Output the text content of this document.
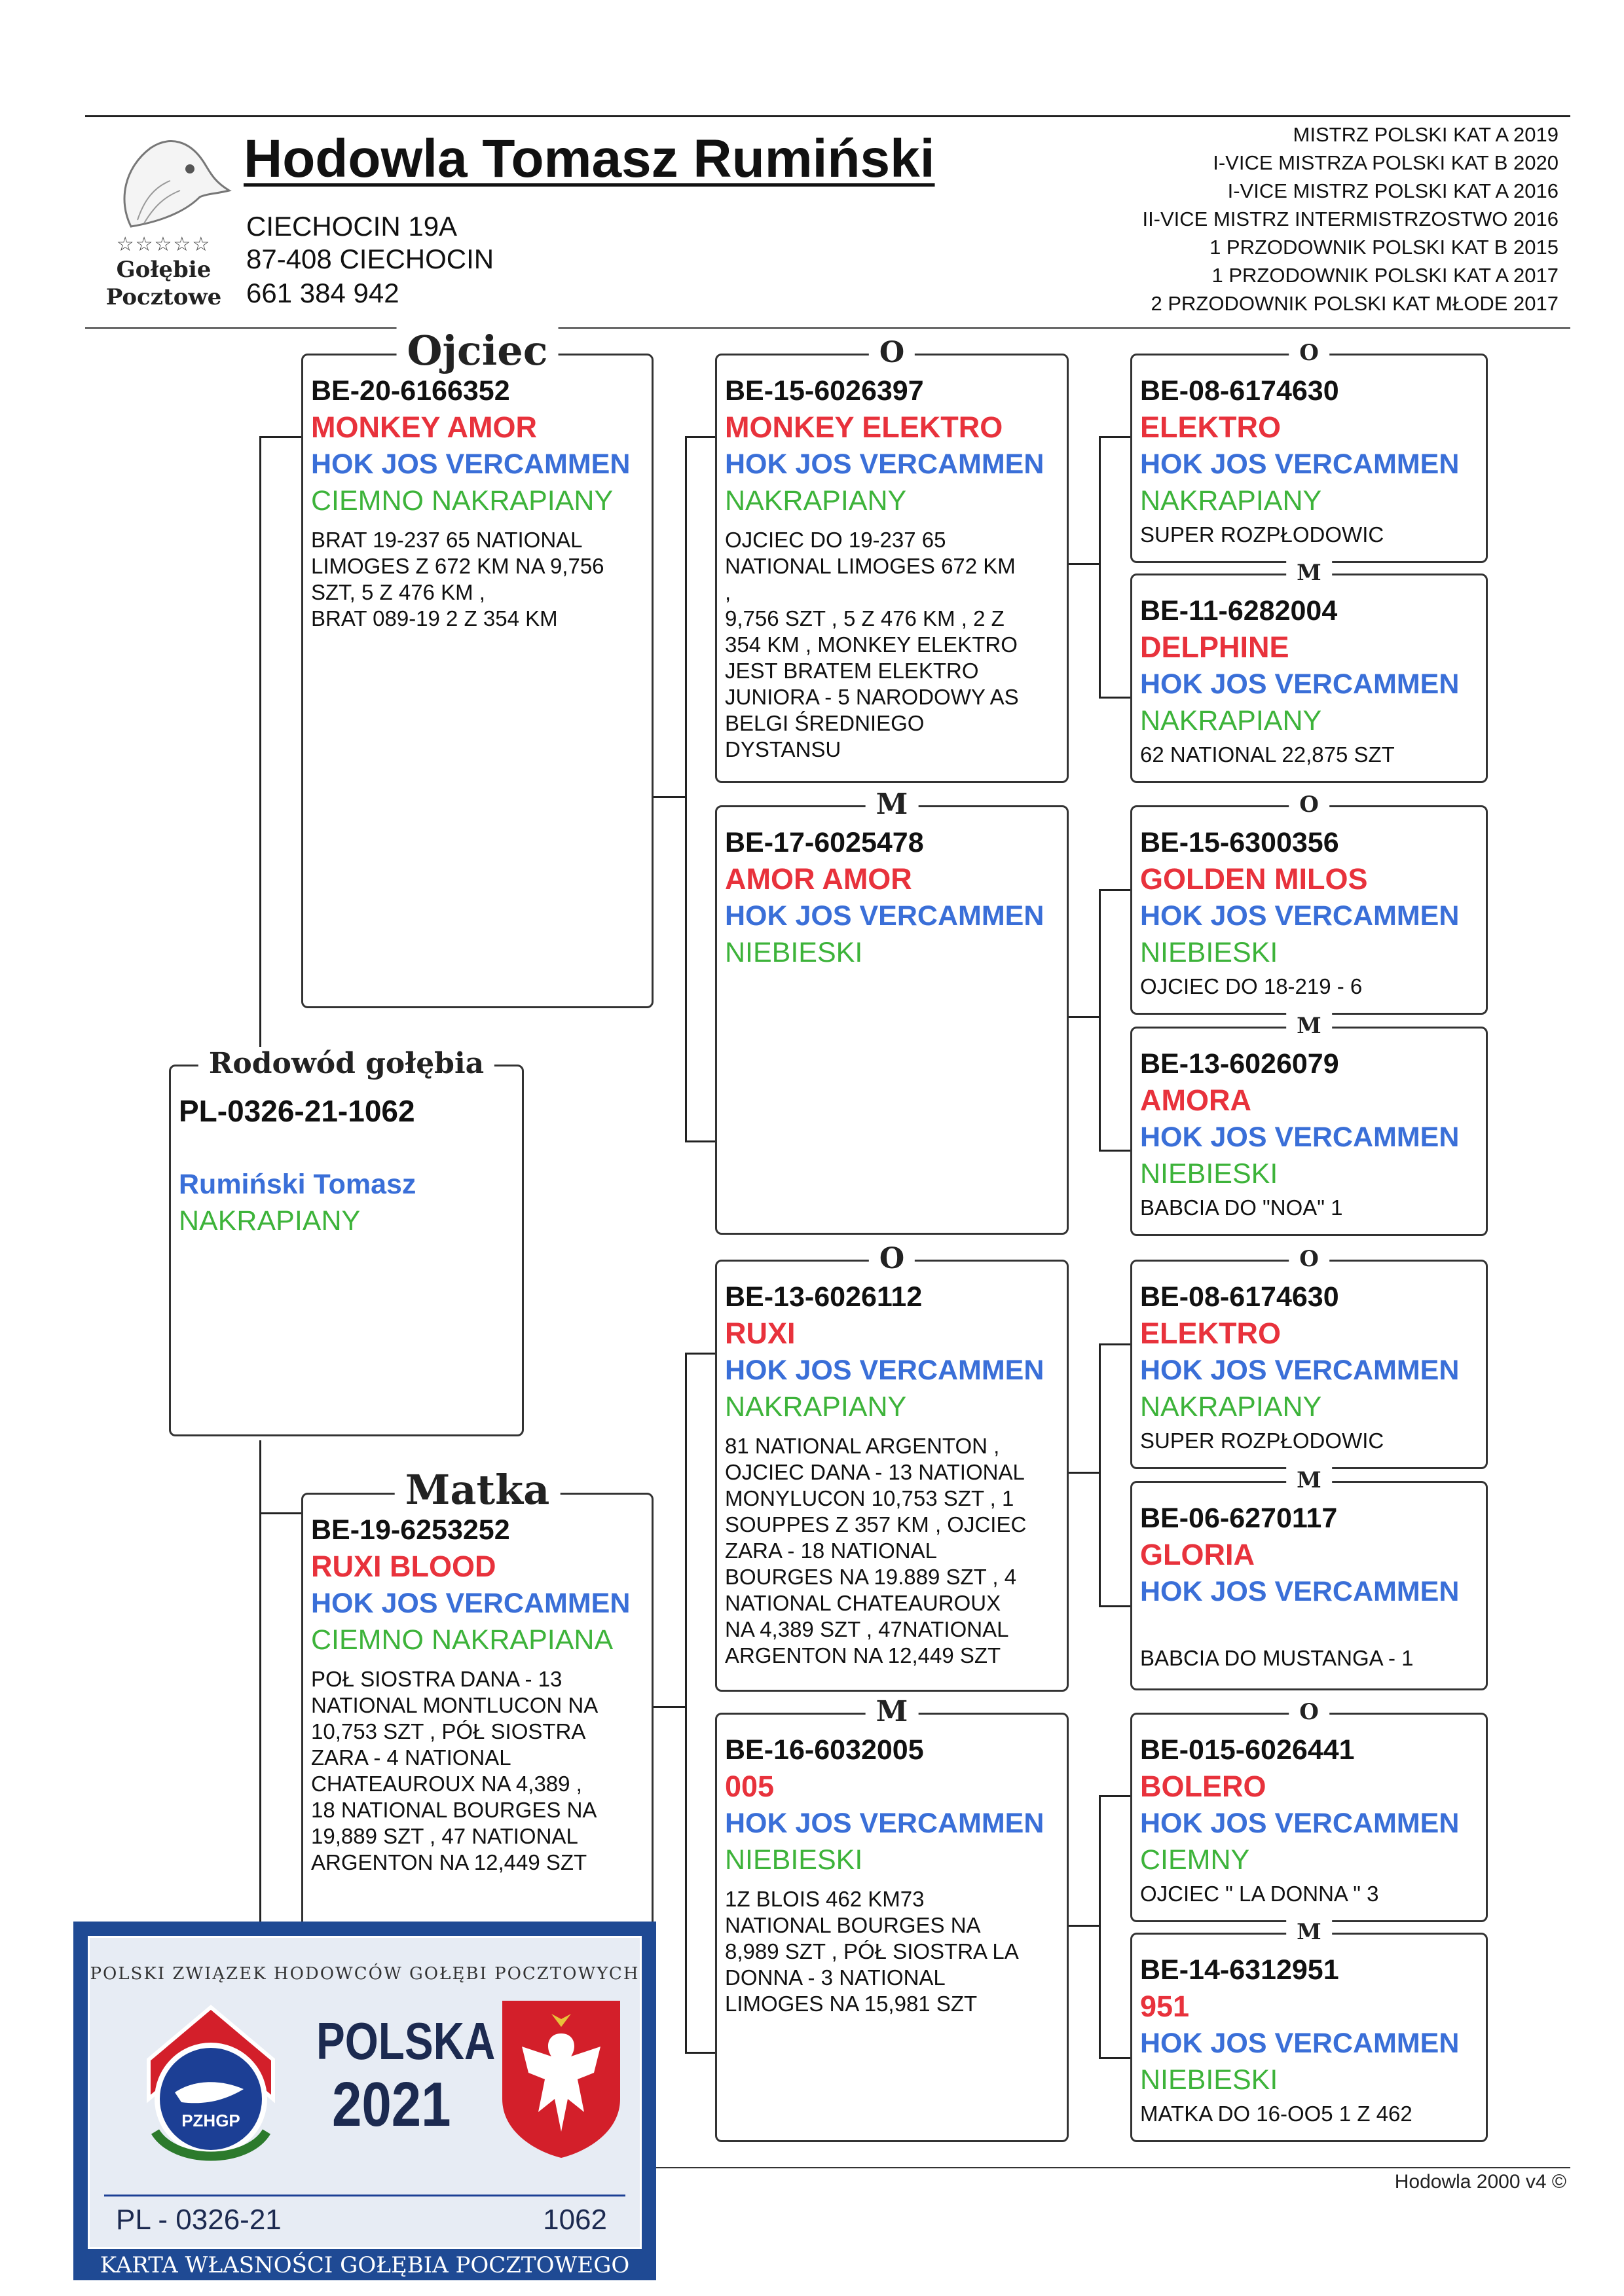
☆☆☆☆☆
Gołębie
Pocztowe
Hodowla Tomasz Rumiński
CIECHOCIN 19A
87-408 CIECHOCIN
661 384 942
MISTRZ POLSKI KAT A 2019
I-VICE MISTRZA POLSKI KAT B 2020
I-VICE MISTRZ POLSKI KAT A 2016
II-VICE MISTRZ INTERMISTRZOSTWO 2016
1 PRZODOWNIK POLSKI KAT B 2015
1 PRZODOWNIK POLSKI KAT A 2017
2 PRZODOWNIK POLSKI KAT MŁODE 2017
Rodowód gołębia
PL-0326-21-1062
Rumiński Tomasz
NAKRAPIANY
Ojciec
BE-20-6166352
MONKEY AMOR
HOK JOS VERCAMMEN
CIEMNO NAKRAPIANY
BRAT 19-237 65 NATIONAL
LIMOGES Z 672 KM NA 9,756
SZT, 5 Z 476 KM ,
BRAT 089-19 2 Z 354 KM
Matka
BE-19-6253252
RUXI BLOOD
HOK JOS VERCAMMEN
CIEMNO NAKRAPIANA
POŁ SIOSTRA DANA - 13
NATIONAL MONTLUCON NA
10,753 SZT , PÓŁ SIOSTRA
ZARA - 4 NATIONAL
CHATEAUROUX NA 4,389 ,
18 NATIONAL BOURGES NA
19,889 SZT , 47 NATIONAL
ARGENTON NA 12,449 SZT
O
BE-15-6026397
MONKEY ELEKTRO
HOK JOS VERCAMMEN
NAKRAPIANY
OJCIEC DO 19-237 65
NATIONAL LIMOGES 672 KM
,
9,756 SZT , 5 Z 476 KM , 2 Z
354 KM , MONKEY ELEKTRO
JEST BRATEM ELEKTRO
JUNIORA - 5 NARODOWY AS
BELGI ŚREDNIEGO
DYSTANSU
M
BE-17-6025478
AMOR AMOR
HOK JOS VERCAMMEN
NIEBIESKI
O
BE-13-6026112
RUXI
HOK JOS VERCAMMEN
NAKRAPIANY
81 NATIONAL ARGENTON ,
OJCIEC DANA - 13 NATIONAL
MONYLUCON 10,753 SZT , 1
SOUPPES Z 357 KM , OJCIEC
ZARA - 18 NATIONAL
BOURGES NA 19.889 SZT , 4
NATIONAL CHATEAUROUX
NA 4,389 SZT , 47NATIONAL
ARGENTON NA 12,449 SZT
M
BE-16-6032005
005
HOK JOS VERCAMMEN
NIEBIESKI
1Z BLOIS 462 KM73
NATIONAL BOURGES NA
8,989 SZT , PÓŁ SIOSTRA LA
DONNA - 3 NATIONAL
LIMOGES NA 15,981 SZT
O
BE-08-6174630
ELEKTRO
HOK JOS VERCAMMEN
NAKRAPIANY
SUPER ROZPŁODOWIC
M
BE-11-6282004
DELPHINE
HOK JOS VERCAMMEN
NAKRAPIANY
62 NATIONAL 22,875 SZT
O
BE-15-6300356
GOLDEN MILOS
HOK JOS VERCAMMEN
NIEBIESKI
OJCIEC DO 18-219 - 6
M
BE-13-6026079
AMORA
HOK JOS VERCAMMEN
NIEBIESKI
BABCIA DO "NOA" 1
O
BE-08-6174630
ELEKTRO
HOK JOS VERCAMMEN
NAKRAPIANY
SUPER ROZPŁODOWIC
M
BE-06-6270117
GLORIA
HOK JOS VERCAMMEN
BABCIA DO MUSTANGA - 1
O
BE-015-6026441
BOLERO
HOK JOS VERCAMMEN
CIEMNY
OJCIEC " LA DONNA " 3
M
BE-14-6312951
951
HOK JOS VERCAMMEN
NIEBIESKI
MATKA DO 16-OO5 1 Z 462
Hodowla 2000 v4 ©
POLSKI ZWIĄZEK HODOWCÓW GOŁĘBI POCZTOWYCH
PZHGP
POLSKA
2021
PL - 0326-21	1062
KARTA WŁASNOŚCI GOŁĘBIA POCZTOWEGO
